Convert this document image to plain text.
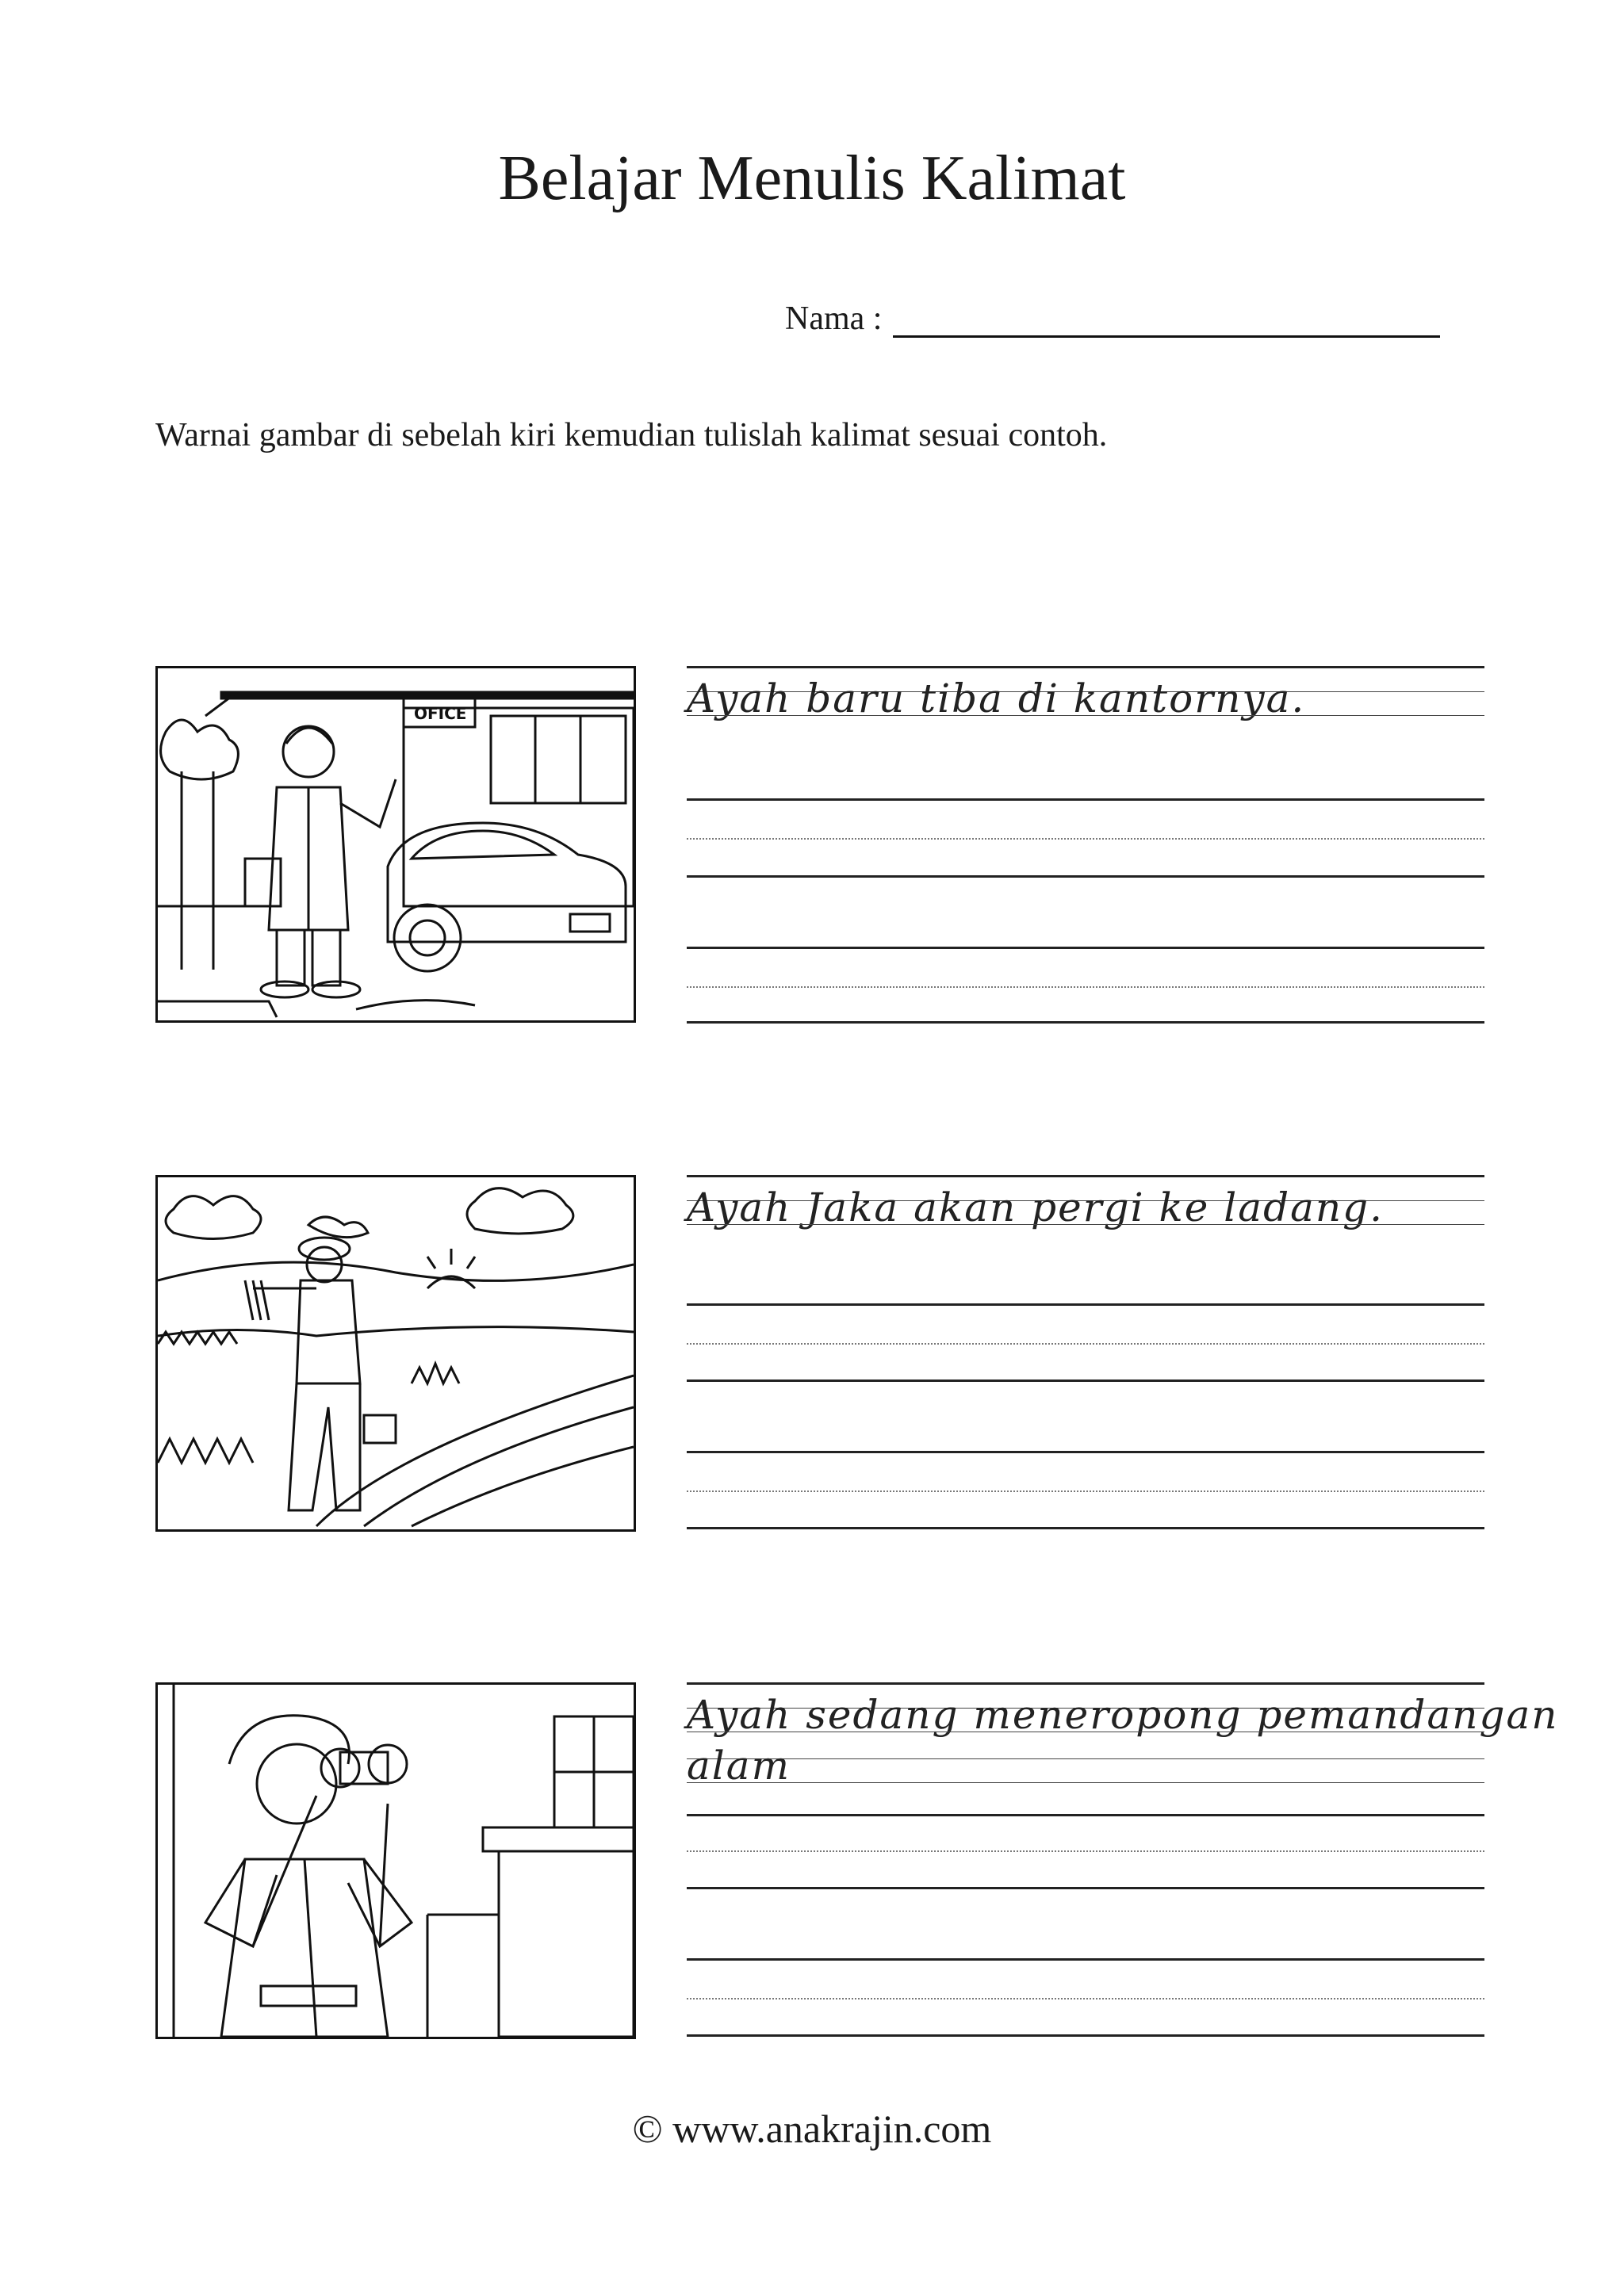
Belajar Menulis Kalimat
Nama :
Warnai gambar di sebelah kiri kemudian tulislah kalimat sesuai contoh.
OFICE	Ayah baru tiba di kantornya.
Ayah Jaka akan pergi ke ladang.
Ayah sedang meneropong pemandangan
alam
© www.anakrajin.com
